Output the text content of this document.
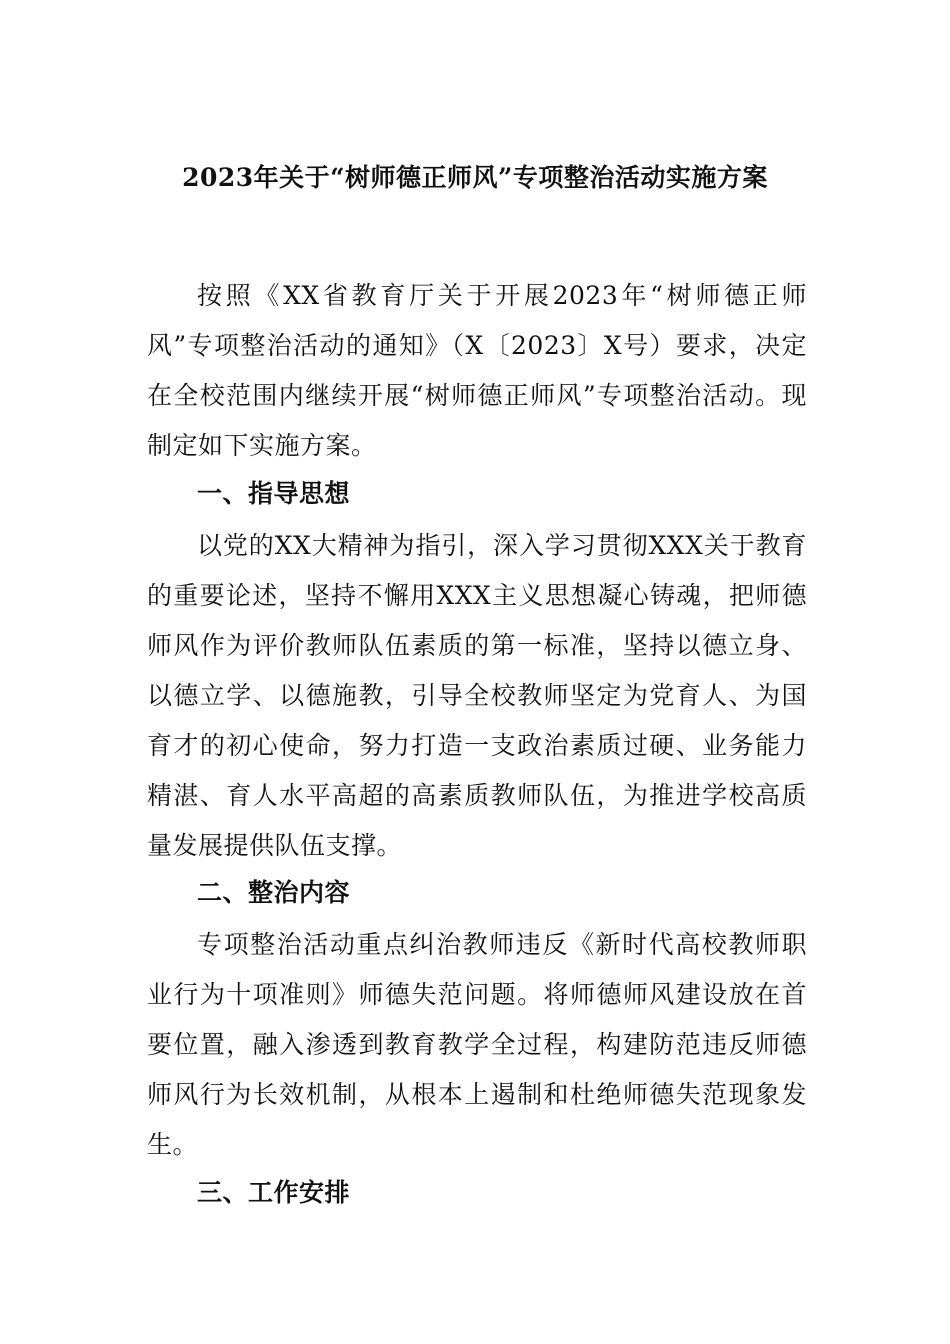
2023年关于“树师德正师风”专项整治活动实施方案

按照《XX省教育厅关于开展2023年“树师德正师风”专项整治活动的通知》（X〔2023〕X号）要求，决定在全校范围内继续开展“树师德正师风”专项整治活动。现制定如下实施方案。

一、指导思想

以党的XX大精神为指引，深入学习贯彻XXX关于教育的重要论述，坚持不懈用XXX主义思想凝心铸魂，把师德师风作为评价教师队伍素质的第一标准，坚持以德立身、以德立学、以德施教，引导全校教师坚定为党育人、为国育才的初心使命，努力打造一支政治素质过硬、业务能力精湛、育人水平高超的高素质教师队伍，为推进学校高质量发展提供队伍支撑。

二、整治内容

专项整治活动重点纠治教师违反《新时代高校教师职业行为十项准则》师德失范问题。将师德师风建设放在首要位置，融入渗透到教育教学全过程，构建防范违反师德师风行为长效机制，从根本上遏制和杜绝师德失范现象发生。

三、工作安排
